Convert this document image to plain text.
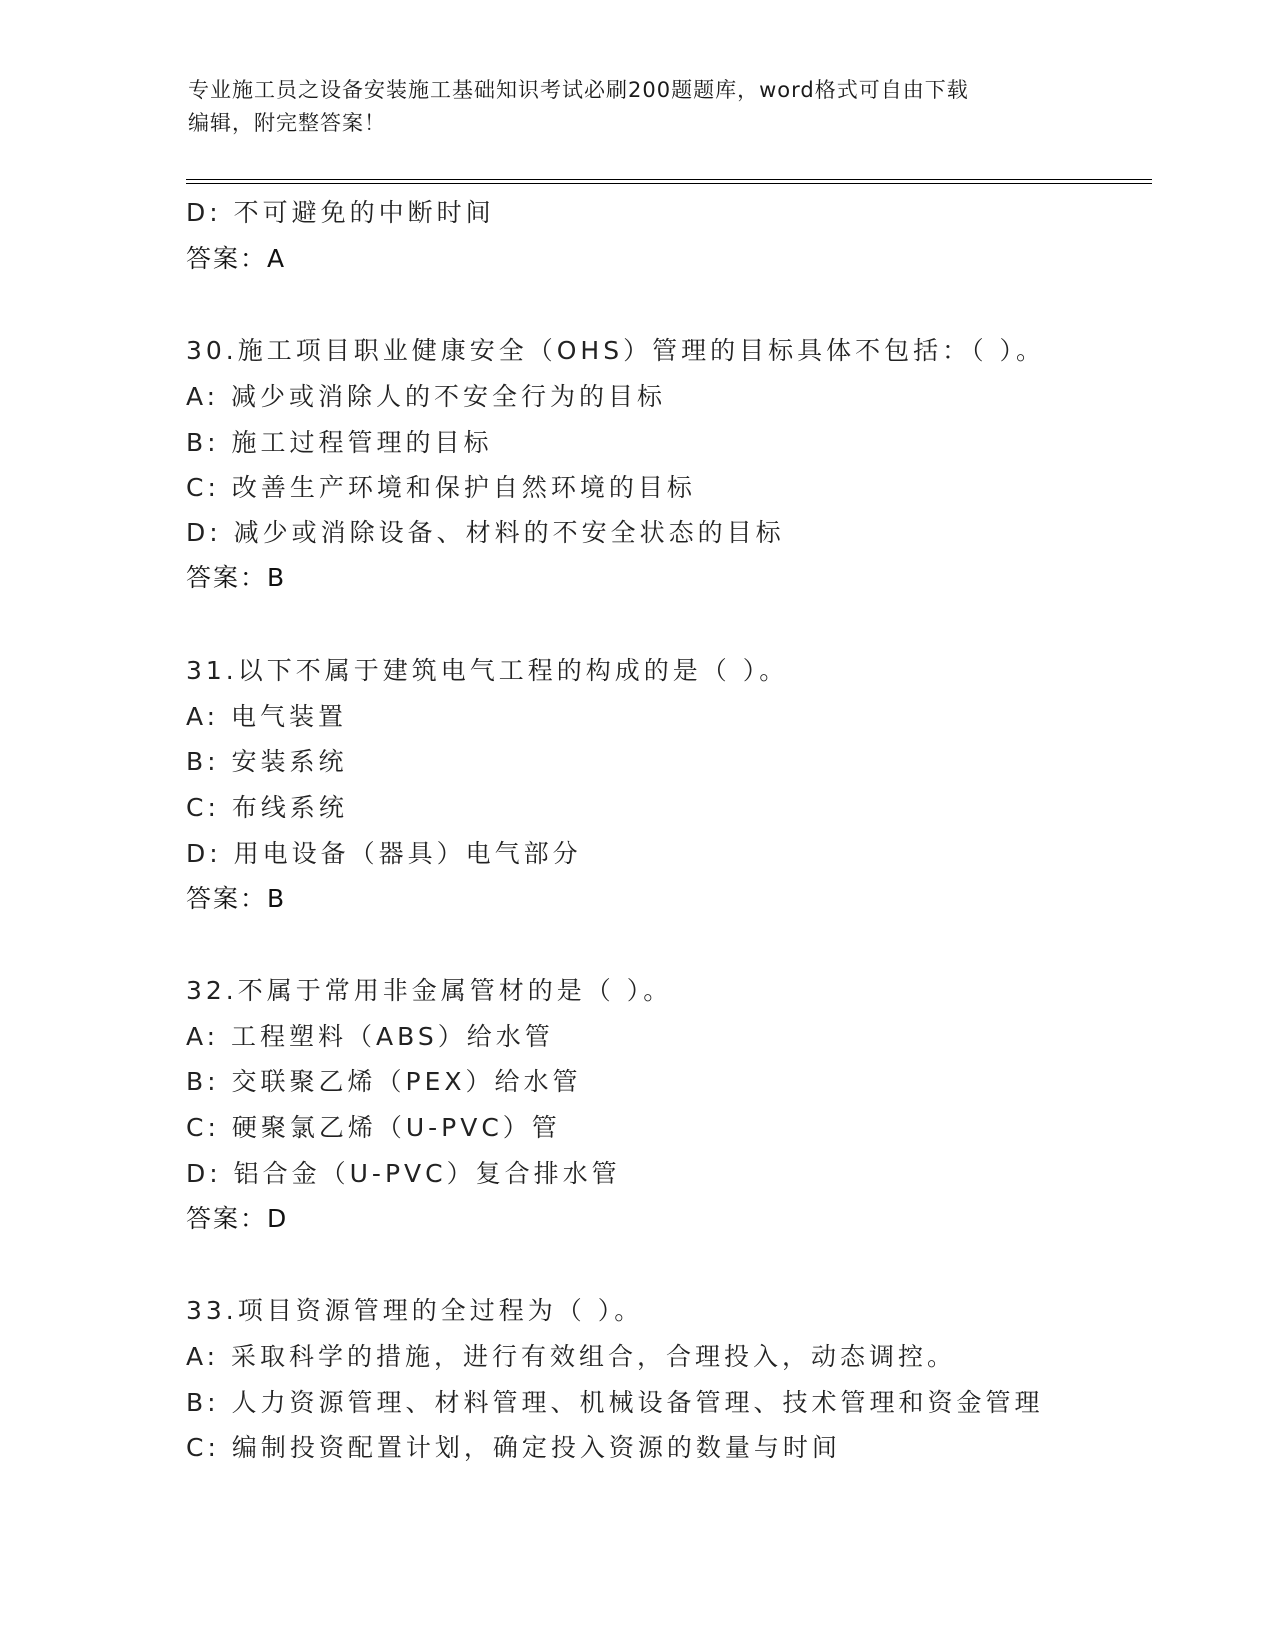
专业施工员之设备安装施工基础知识考试必刷200题题库，word格式可自由下载
编辑，附完整答案！
D: 不可避免的中断时间
答案：A
30.施工项目职业健康安全（OHS）管理的目标具体不包括：（ ）。
A: 减少或消除人的不安全行为的目标
B: 施工过程管理的目标
C: 改善生产环境和保护自然环境的目标
D: 减少或消除设备、材料的不安全状态的目标
答案：B
31.以下不属于建筑电气工程的构成的是（ ）。
A: 电气装置
B: 安装系统
C: 布线系统
D: 用电设备（器具）电气部分
答案：B
32.不属于常用非金属管材的是（ ）。
A: 工程塑料（ABS）给水管
B: 交联聚乙烯（PEX）给水管
C: 硬聚氯乙烯（U-PVC）管
D: 铝合金（U-PVC）复合排水管
答案：D
33.项目资源管理的全过程为（ ）。
A: 采取科学的措施，进行有效组合，合理投入，动态调控。
B: 人力资源管理、材料管理、机械设备管理、技术管理和资金管理
C: 编制投资配置计划，确定投入资源的数量与时间
